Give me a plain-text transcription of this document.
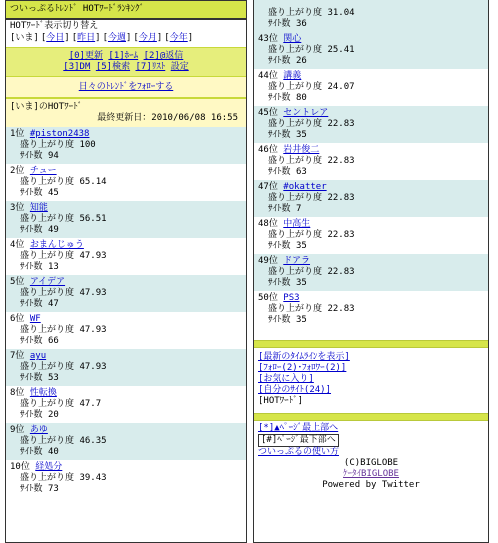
ついっぷるﾄﾚﾝﾄﾞ HOTﾜｰﾄﾞﾗﾝｷﾝｸﾞ
HOTﾜｰﾄﾞ表示切り替え
[いま] [今日] [昨日] [今週] [今月] [今年]
[0]更新 [1]ﾎｰﾑ [2]@返信
[3]DM [5]検索 [7]ﾘｽﾄ 設定
日々のﾄﾚﾝﾄﾞをﾌｫﾛｰする
[いま]のHOTﾜｰﾄﾞ
最終更新日：2010/06/08 16:55
1位 #piston2438
盛り上がり度 100
ｻｲﾄ数 94
2位 チュー
盛り上がり度 65.14
ｻｲﾄ数 45
3位 知能
盛り上がり度 56.51
ｻｲﾄ数 49
4位 おまんじゅう
盛り上がり度 47.93
ｻｲﾄ数 13
5位 アイデア
盛り上がり度 47.93
ｻｲﾄ数 47
6位 WF
盛り上がり度 47.93
ｻｲﾄ数 66
7位 ayu
盛り上がり度 47.93
ｻｲﾄ数 53
8位 性転換
盛り上がり度 47.7
ｻｲﾄ数 20
9位 あゆ
盛り上がり度 46.35
ｻｲﾄ数 40
10位 経処分
盛り上がり度 39.43
ｻｲﾄ数 73

盛り上がり度 31.04
ｻｲﾄ数 36
43位 関心
盛り上がり度 25.41
ｻｲﾄ数 26
44位 講義
盛り上がり度 24.07
ｻｲﾄ数 80
45位 セントレア
盛り上がり度 22.83
ｻｲﾄ数 35
46位 岩井俊二
盛り上がり度 22.83
ｻｲﾄ数 63
47位 #okatter
盛り上がり度 22.83
ｻｲﾄ数 7
48位 中高生
盛り上がり度 22.83
ｻｲﾄ数 35
49位 ドアラ
盛り上がり度 22.83
ｻｲﾄ数 35
50位 PS3
盛り上がり度 22.83
ｻｲﾄ数 35
[最新のﾀｲﾑﾗｲﾝを表示]
[ﾌｫﾛｰ(2)･ﾌｫﾛﾜｰ(2)]
[お気に入り]
[自分のｻｲﾄ(24)]
[HOTﾜｰﾄﾞ]
[*]▲ﾍﾟｰｼﾞ最上部へ
[#]ﾍﾟｰｼﾞ最下部へ
ついっぷるの使い方
(C)BIGLOBE
ｹｰﾀｲBIGLOBE
Powered by Twitter
